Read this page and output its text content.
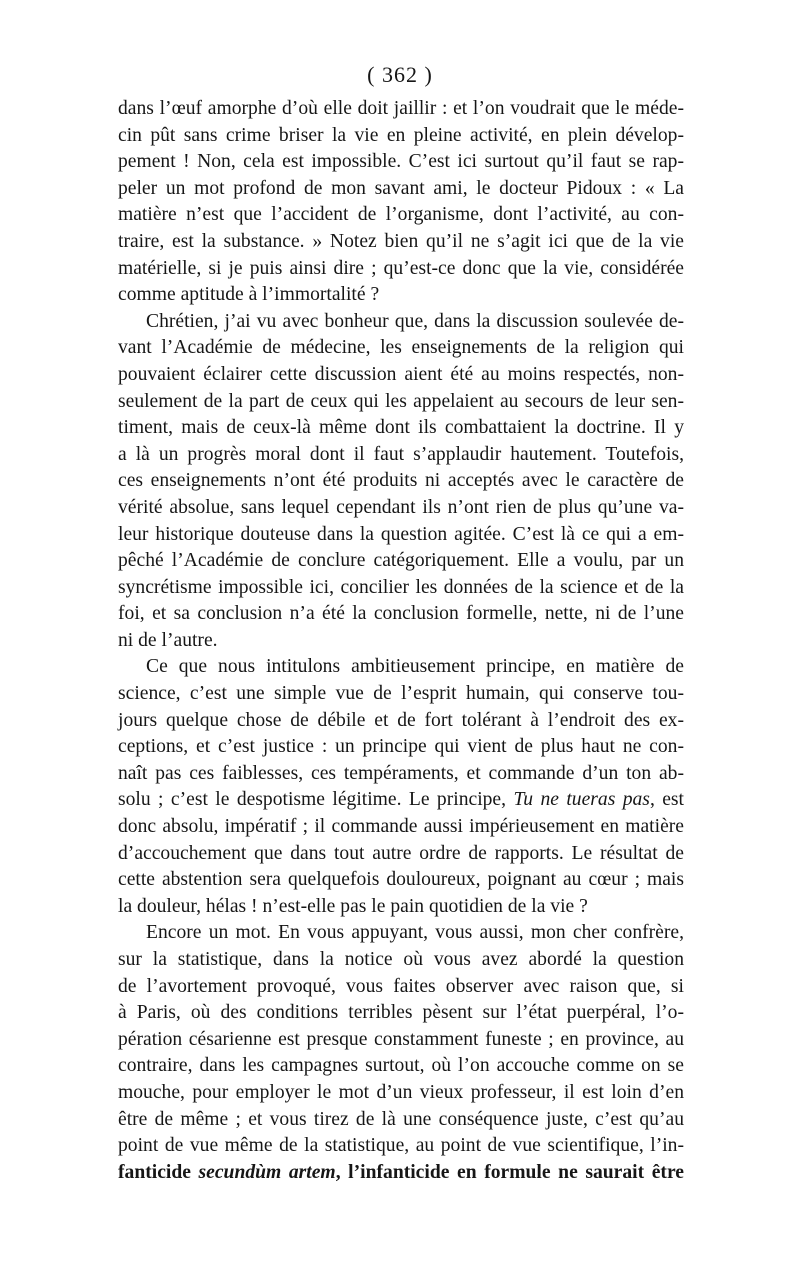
( 362 )
dans l’œuf amorphe d’où elle doit jaillir : et l’on voudrait que le méde-
cin pût sans crime briser la vie en pleine activité, en plein dévelop-
pement ! Non, cela est impossible. C’est ici surtout qu’il faut se rap-
peler un mot profond de mon savant ami, le docteur Pidoux : « La
matière n’est que l’accident de l’organisme, dont l’activité, au con-
traire, est la substance. » Notez bien qu’il ne s’agit ici que de la vie
matérielle, si je puis ainsi dire ; qu’est-ce donc que la vie, considérée
comme aptitude à l’immortalité ?
Chrétien, j’ai vu avec bonheur que, dans la discussion soulevée de-
vant l’Académie de médecine, les enseignements de la religion qui
pouvaient éclairer cette discussion aient été au moins respectés, non-
seulement de la part de ceux qui les appelaient au secours de leur sen-
timent, mais de ceux-là même dont ils combattaient la doctrine. Il y
a là un progrès moral dont il faut s’applaudir hautement. Toutefois,
ces enseignements n’ont été produits ni acceptés avec le caractère de
vérité absolue, sans lequel cependant ils n’ont rien de plus qu’une va-
leur historique douteuse dans la question agitée. C’est là ce qui a em-
pêché l’Académie de conclure catégoriquement. Elle a voulu, par un
syncrétisme impossible ici, concilier les données de la science et de la
foi, et sa conclusion n’a été la conclusion formelle, nette, ni de l’une
ni de l’autre.
Ce que nous intitulons ambitieusement principe, en matière de
science, c’est une simple vue de l’esprit humain, qui conserve tou-
jours quelque chose de débile et de fort tolérant à l’endroit des ex-
ceptions, et c’est justice : un principe qui vient de plus haut ne con-
naît pas ces faiblesses, ces tempéraments, et commande d’un ton ab-
solu ; c’est le despotisme légitime. Le principe, Tu ne tueras pas, est
donc absolu, impératif ; il commande aussi impérieusement en matière
d’accouchement que dans tout autre ordre de rapports. Le résultat de
cette abstention sera quelquefois douloureux, poignant au cœur ; mais
la douleur, hélas ! n’est-elle pas le pain quotidien de la vie ?
Encore un mot. En vous appuyant, vous aussi, mon cher confrère,
sur la statistique, dans la notice où vous avez abordé la question
de l’avortement provoqué, vous faites observer avec raison que, si
à Paris, où des conditions terribles pèsent sur l’état puerpéral, l’o-
pération césarienne est presque constamment funeste ; en province, au
contraire, dans les campagnes surtout, où l’on accouche comme on se
mouche, pour employer le mot d’un vieux professeur, il est loin d’en
être de même ; et vous tirez de là une conséquence juste, c’est qu’au
point de vue même de la statistique, au point de vue scientifique, l’in-
fanticide secundùm artem, l’infanticide en formule ne saurait être
